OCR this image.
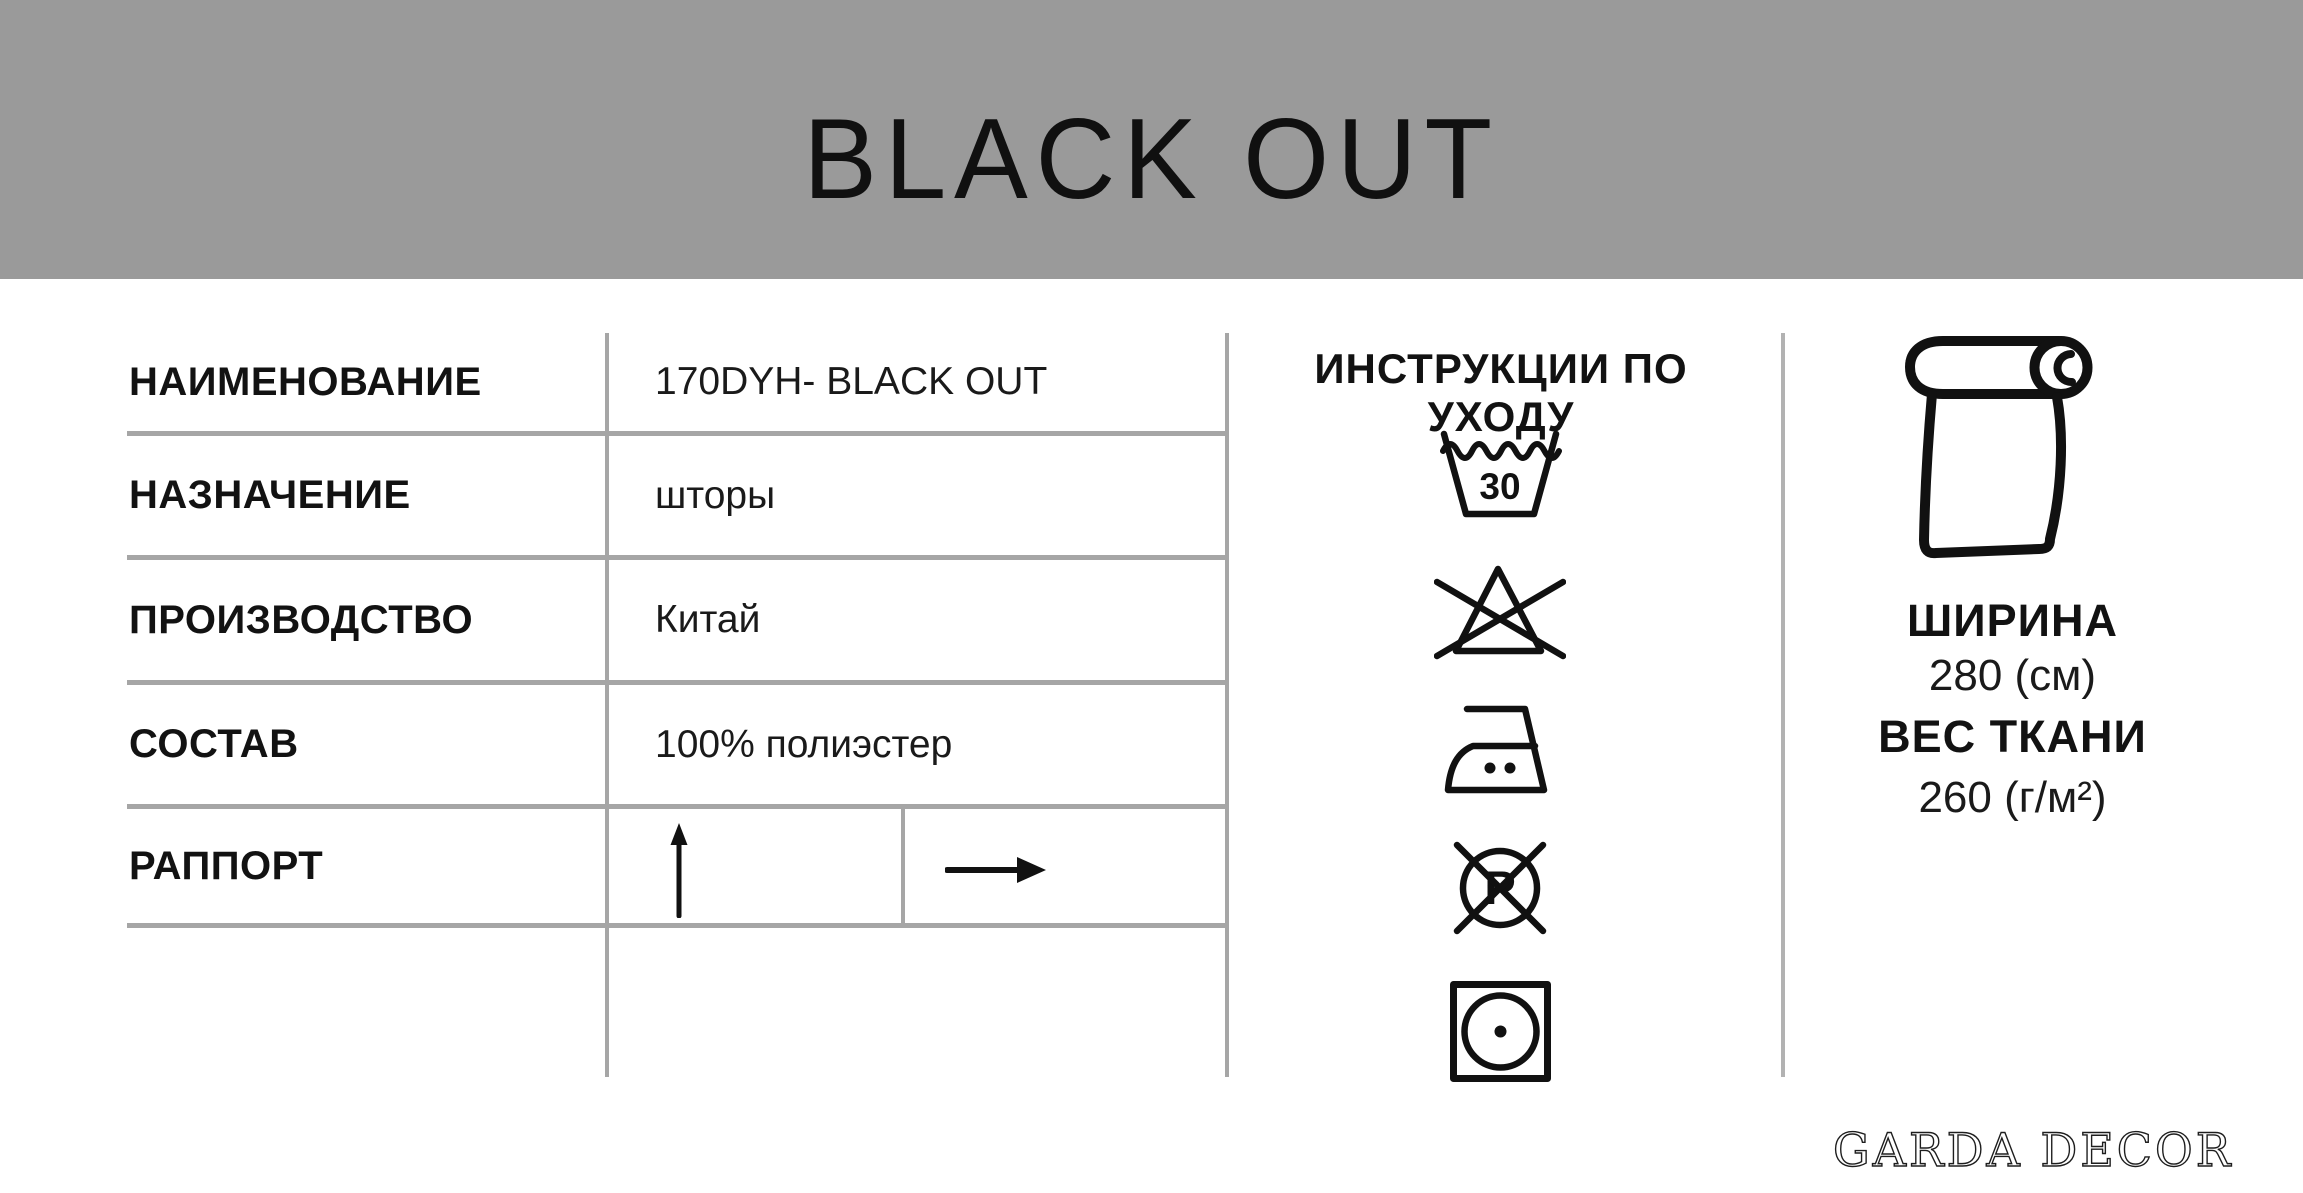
BLACK OUT
НАИМЕНОВАНИЕ	170DYH- BLACK OUT
НАЗНАЧЕНИЕ	шторы
ПРОИЗВОДСТВО	Китай
СОСТАВ	100% полиэстер
РАППОРТ
ИНСТРУКЦИИ ПО УХОДУ
30
P
ШИРИНА
280 (см)
ВЕС ТКАНИ
260 (г/м²)
GARDA DECOR
